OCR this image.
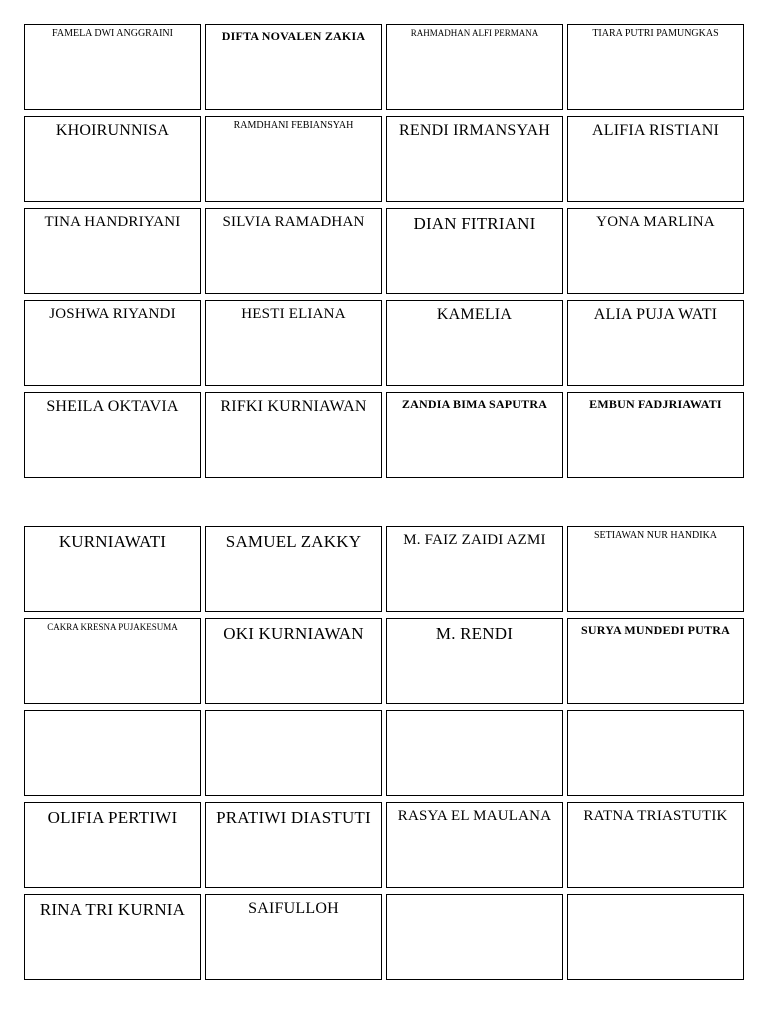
FAMELA DWI ANGGRAINI	DIFTA NOVALEN ZAKIA	RAHMADHAN ALFI PERMANA	TIARA PUTRI PAMUNGKAS
KHOIRUNNISA	RAMDHANI FEBIANSYAH	RENDI IRMANSYAH	ALIFIA RISTIANI
TINA HANDRIYANI	SILVIA RAMADHAN	DIAN FITRIANI	YONA MARLINA
JOSHWA RIYANDI	HESTI ELIANA	KAMELIA	ALIA PUJA WATI
SHEILA OKTAVIA	RIFKI KURNIAWAN	ZANDIA BIMA SAPUTRA	EMBUN FADJRIAWATI
KURNIAWATI	SAMUEL ZAKKY	M. FAIZ ZAIDI AZMI	SETIAWAN NUR HANDIKA
CAKRA KRESNA PUJAKESUMA	OKI KURNIAWAN	M. RENDI	SURYA MUNDEDI PUTRA
OLIFIA PERTIWI	PRATIWI DIASTUTI	RASYA EL MAULANA	RATNA TRIASTUTIK
RINA TRI KURNIA	SAIFULLOH
